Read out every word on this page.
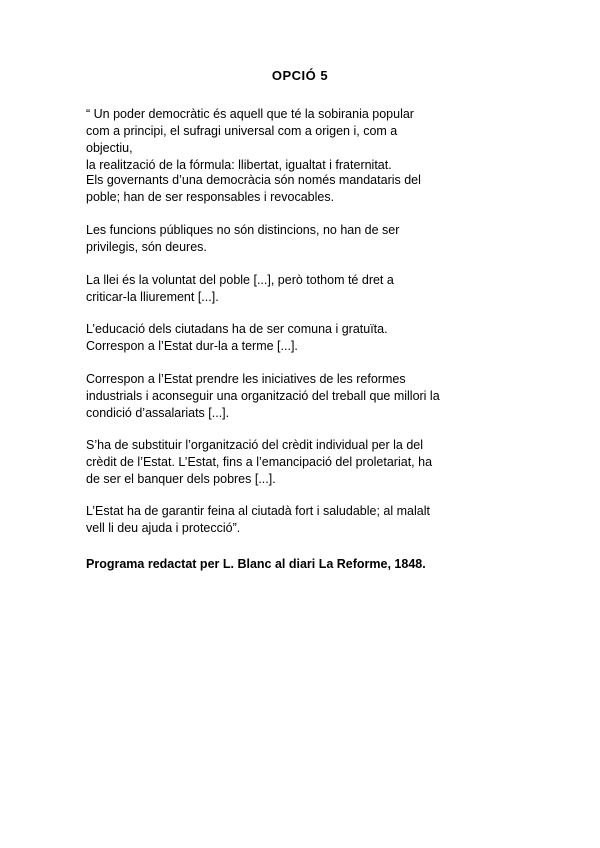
OPCIÓ 5
“ Un poder democràtic és aquell que té la sobirania popular
com a principi, el sufragi universal com a origen i, com a objectiu,
la realització de la fórmula: llibertat, igualtat i fraternitat.
Els governants d’una democràcia són només mandataris del
poble; han de ser responsables i revocables.
Les funcions públiques no són distincions, no han de ser
privilegis, són deures.
La llei és la voluntat del poble [...], però tothom té dret a
criticar-la lliurement [...].
L’educació dels ciutadans ha de ser comuna i gratuïta.
Correspon a l’Estat dur-la a terme [...].
Correspon a l’Estat prendre les iniciatives de les reformes
industrials i aconseguir una organització del treball que millori la
condició d’assalariats [...].
S’ha de substituir l’organització del crèdit individual per la del
crèdit de l’Estat. L’Estat, fins a l’emancipació del proletariat, ha
de ser el banquer dels pobres [...].
L’Estat ha de garantir feina al ciutadà fort i saludable; al malalt
vell li deu ajuda i protecció”.
Programa redactat per L. Blanc al diari La Reforme, 1848.
